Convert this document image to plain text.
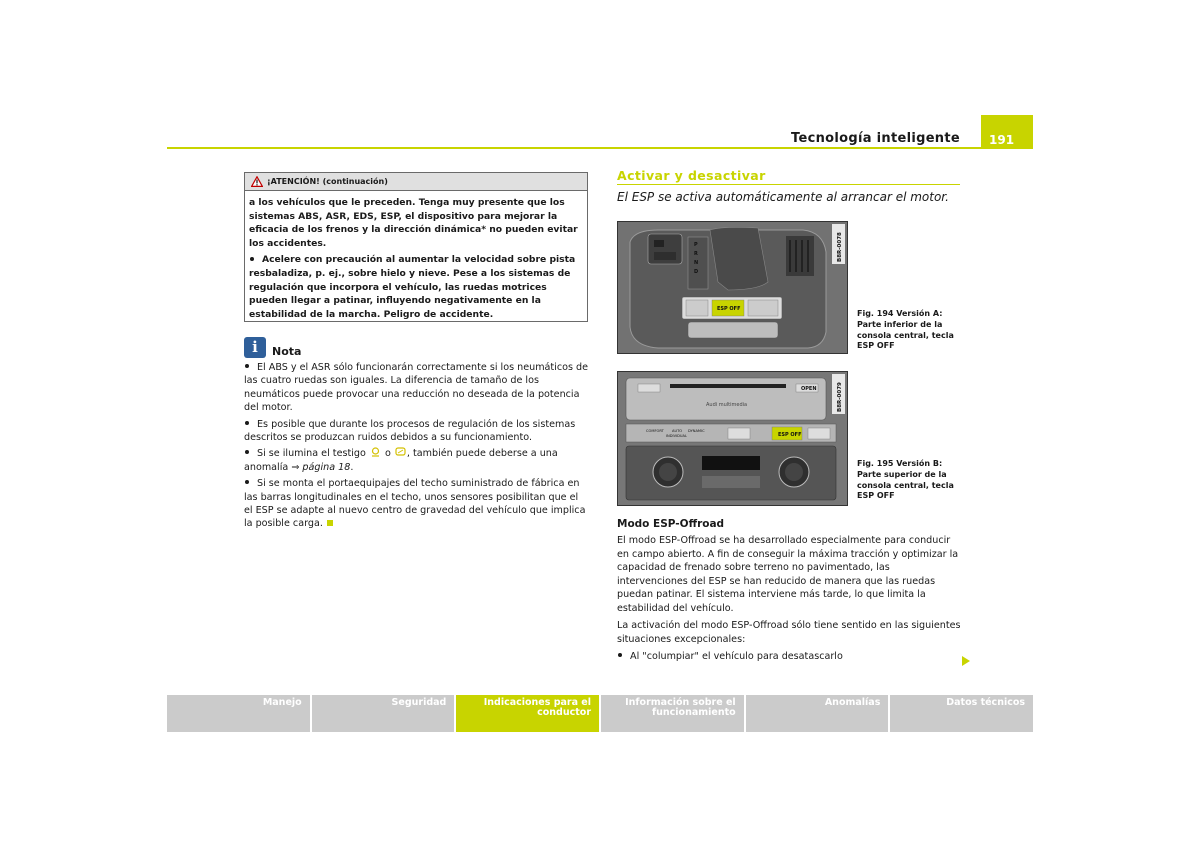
Tecnología inteligente	191
¡ATENCIÓN! (continuación)

a los vehículos que le preceden. Tenga muy presente que los sistemas ABS, ASR, EDS, ESP, el dispositivo para mejorar la eficacia de los frenos y la dirección dinámica* no pueden evitar los accidentes.

Acelere con precaución al aumentar la velocidad sobre pista resbaladiza, p. ej., sobre hielo y nieve. Pese a los sistemas de regulación que incorpora el vehículo, las ruedas motrices pueden llegar a patinar, influyendo negativamente en la estabilidad de la marcha. Peligro de accidente.

i	Nota

El ABS y el ASR sólo funcionarán correctamente si los neumáticos de las cuatro ruedas son iguales. La diferencia de tamaño de los neumáticos puede provocar una reducción no deseada de la potencia del motor.

Es posible que durante los procesos de regulación de los sistemas descritos se produzcan ruidos debidos a su funcionamiento.

Si se ilumina el testigo o , también puede deberse a una anomalía ⇒ página 18.

Si se monta el portaequipajes del techo suministrado de fábrica en las barras longitudinales en el techo, unos sensores posibilitan que el el ESP se adapte al nuevo centro de gravedad del vehículo que implica la posible carga.

Activar y desactivar
El ESP se activa automáticamente al arrancar el motor.
P
R
N
D
ESP OFF
B8R-0078
Fig. 194 Versión A: Parte inferior de la consola central, tecla ESP OFF
OPEN
Audi multimedia
COMFORT AUTO DYNAMIC
INDIVIDUAL	ESP OFF
B8R-0079
Fig. 195 Versión B: Parte superior de la consola central, tecla ESP OFF
Modo ESP-Offroad

El modo ESP-Offroad se ha desarrollado especialmente para conducir en campo abierto. A fin de conseguir la máxima tracción y optimizar la capacidad de frenado sobre terreno no pavimentado, las intervenciones del ESP se han reducido de manera que las ruedas puedan patinar. El sistema interviene más tarde, lo que limita la estabilidad del vehículo.

La activación del modo ESP-Offroad sólo tiene sentido en las siguientes situaciones excepcionales:

Al "columpiar" el vehículo para desatascarlo

Manejo	Seguridad	Indicaciones para el conductor
Información sobre el funcionamiento
Anomalías	Datos técnicos
